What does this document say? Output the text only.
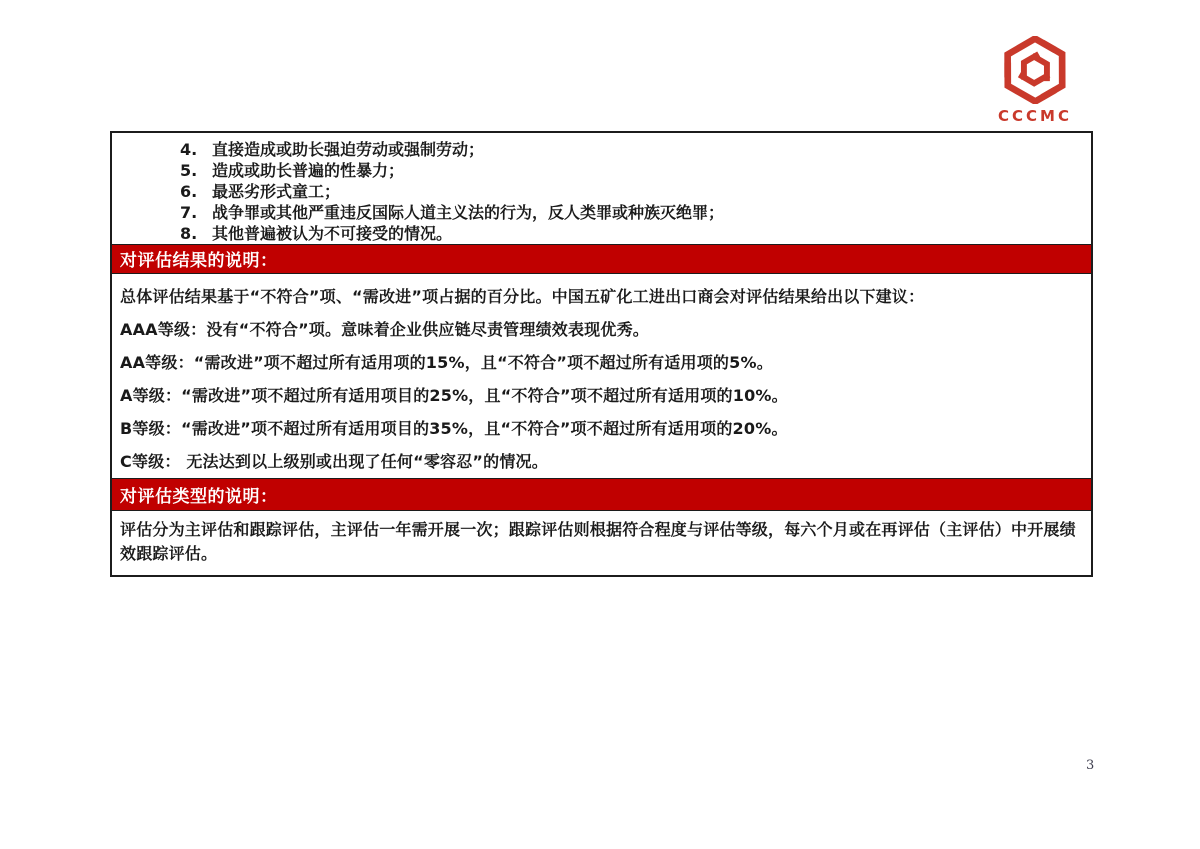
CCCMC
4. 直接造成或助长强迫劳动或强制劳动；
5. 造成或助长普遍的性暴力；
6. 最恶劣形式童工；
7. 战争罪或其他严重违反国际人道主义法的行为，反人类罪或种族灭绝罪；
8. 其他普遍被认为不可接受的情况。
对评估结果的说明：

总体评估结果基于“不符合”项、“需改进”项占据的百分比。中国五矿化工进出口商会对评估结果给出以下建议：

AAA等级：没有“不符合”项。意味着企业供应链尽责管理绩效表现优秀。

AA等级：“需改进”项不超过所有适用项的15%，且“不符合”项不超过所有适用项的5%。

A等级：“需改进”项不超过所有适用项目的25%，且“不符合”项不超过所有适用项的10%。

B等级：“需改进”项不超过所有适用项目的35%，且“不符合”项不超过所有适用项的20%。

C等级： 无法达到以上级别或出现了任何“零容忍”的情况。

对评估类型的说明：

评估分为主评估和跟踪评估，主评估一年需开展一次；跟踪评估则根据符合程度与评估等级，每六个月或在再评估（主评估）中开展绩效跟踪评估。

3
